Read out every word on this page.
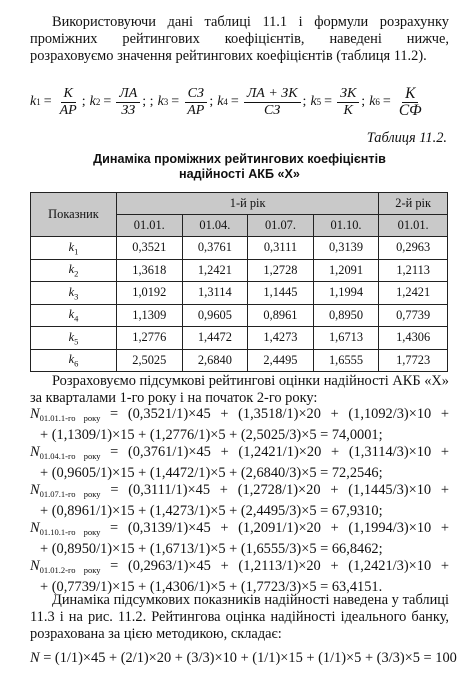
Використовуючи дані таблиці 11.1 і формули розрахунку проміжних рейтингових коефіцієнтів, наведені нижче, розраховуємо значення рейтингових коефіцієнтів (таблиця 11.2).

k $1 = \frac{К}{АР}$ ; k $2 = \frac{ЛА}{ЗЗ}$ ; ; k $3 = \frac{СЗ}{АР}$ ; k $4 = \frac{ЛА + ЗК}{СЗ}$ ; k $5 = \frac{ЗК}{К}$ ; k $6 = \frac{К}{СФ}$
Таблиця 11.2.
Динаміка проміжних рейтингових коефіцієнтів
надійності АКБ «Х»
Показник	1-й рік				2-й рік
	01.01.	01.04.	01.07.	01.10.	01.01.
$k_1$	0,3521	0,3761	0,3111	0,3139	0,2963
$k_2$	1,3618	1,2421	1,2728	1,2091	1,2113
$k_3$	1,0192	1,3114	1,1445	1,1994	1,2421
$k_4$	1,1309	0,9605	0,8961	0,8950	0,7739
$k_5$	1,2776	1,4472	1,4273	1,6713	1,4306
$k_6$	2,5025	2,6840	2,4495	1,6555	1,7723

Розраховуємо підсумкові рейтингові оцінки надійності АКБ «Х» за кварталами 1-го року і на початок 2-го року:

$N_{01.01.1-го року} = (0,3521/1)\times 45 + (1,3518/1)\times 20 + (1,1092/3)\times 10$ +
+ (1,1309/1)×15 + (1,2776/1)×5 + (2,5025/3)×5 = 74,0001;
$N_{01.04.1-го року} = (0,3761/1)\times 45 + (1,2421/1)\times 20 + (1,3114/3)\times 10$ +
+ (0,9605/1)×15 + (1,4472/1)×5 + (2,6840/3)×5 = 72,2546;
$N_{01.07.1-го року} = (0,3111/1)\times 45 + (1,2728/1)\times 20 + (1,1445/3)\times 10$ +
+ (0,8961/1)×15 + (1,4273/1)×5 + (2,4495/3)×5 = 67,9310;
$N_{01.10.1-го року} = (0,3139/1)\times 45 + (1,2091/1)\times 20 + (1,1994/3)\times 10$ +
+ (0,8950/1)×15 + (1,6713/1)×5 + (1,6555/3)×5 = 66,8462;
$N_{01.01.2-го року} = (0,2963/1)\times 45 + (1,2113/1)\times 20 + (1,2421/3)\times 10$ +
+ (0,7739/1)×15 + (1,4306/1)×5 + (1,7723/3)×5 = 63,4151.

Динаміка підсумкових показників надійності наведена у таблиці 11.3 і на рис. 11.2. Рейтингова оцінка надійності ідеального банку, розрахована за цією методикою, складає:

N = (1/1)×45 + (2/1)×20 + (3/3)×10 + (1/1)×15 + (1/1)×5 + (3/3)×5 = 100
